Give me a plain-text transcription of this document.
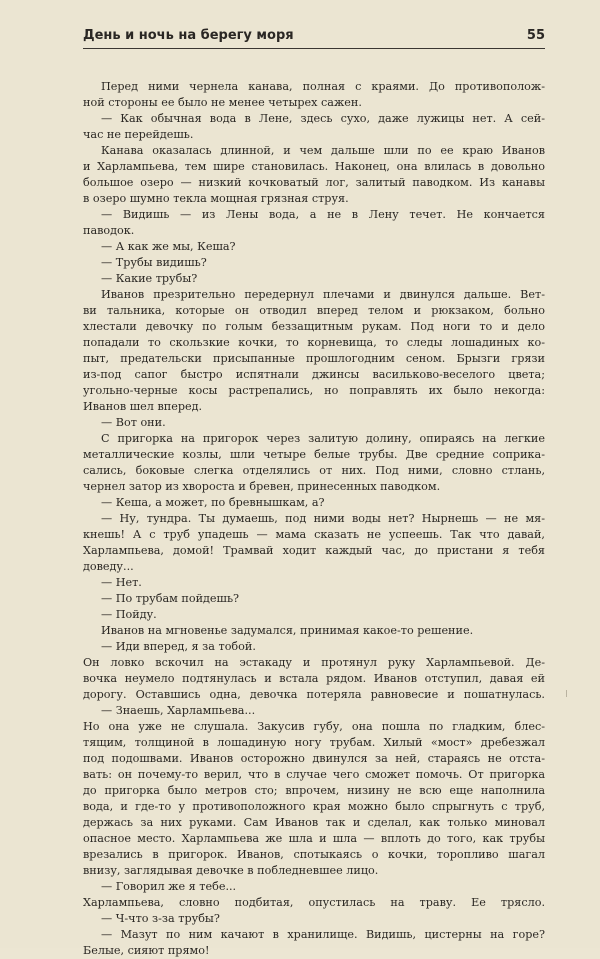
День и ночь на берегу моря	55
Перед ними чернела канава, полная с краями. До противополож-
ной стороны ее было не менее четырех сажен.
— Как обычная вода в Лене, здесь сухо, даже лужицы нет. А сей-
час не перейдешь.
Канава оказалась длинной, и чем дальше шли по ее краю Иванов
и Харлампьева, тем шире становилась. Наконец, она влилась в довольно
большое озеро — низкий кочковатый лог, залитый паводком. Из канавы
в озеро шумно текла мощная грязная струя.
— Видишь — из Лены вода, а не в Лену течет. Не кончается
паводок.
— А как же мы, Кеша?
— Трубы видишь?
— Какие трубы?
Иванов презрительно передернул плечами и двинулся дальше. Вет-
ви тальника, которые он отводил вперед телом и рюкзаком, больно
хлестали девочку по голым беззащитным рукам. Под ноги то и дело
попадали то скользкие кочки, то корневища, то следы лошадиных ко-
пыт, предательски присыпанные прошлогодним сеном. Брызги грязи
из-под сапог быстро испятнали джинсы васильково-веселого цвета;
угольно-черные косы растрепались, но поправлять их было некогда:
Иванов шел вперед.
— Вот они.
С пригорка на пригорок через залитую долину, опираясь на легкие
металлические козлы, шли четыре белые трубы. Две средние соприка-
сались, боковые слегка отделялись от них. Под ними, словно стлань,
чернел затор из хвороста и бревен, принесенных паводком.
— Кеша, а может, по бревнышкам, а?
— Ну, тундра. Ты думаешь, под ними воды нет? Нырнешь — не мя-
кнешь! А с труб упадешь — мама сказать не успеешь. Так что давай,
Харлампьева, домой! Трамвай ходит каждый час, до пристани я тебя
доведу...
— Нет.
— По трубам пойдешь?
— Пойду.
Иванов на мгновенье задумался, принимая какое-то решение.
— Иди вперед, я за тобой.
Он ловко вскочил на эстакаду и протянул руку Харлампьевой. Де-
вочка неумело подтянулась и встала рядом. Иванов отступил, давая ей
дорогу. Оставшись одна, девочка потеряла равновесие и пошатнулась.
— Знаешь, Харлампьева...
Но она уже не слушала. Закусив губу, она пошла по гладким, блес-
тящим, толщиной в лошадиную ногу трубам. Хилый «мост» дребезжал
под подошвами. Иванов осторожно двинулся за ней, стараясь не отста-
вать: он почему-то верил, что в случае чего сможет помочь. От пригорка
до пригорка было метров сто; впрочем, низину не всю еще наполнила
вода, и где-то у противоположного края можно было спрыгнуть с труб,
держась за них руками. Сам Иванов так и сделал, как только миновал
опасное место. Харлампьева же шла и шла — вплоть до того, как трубы
врезались в пригорок. Иванов, спотыкаясь о кочки, торопливо шагал
внизу, заглядывая девочке в побледневшее лицо.
— Говорил же я тебе...
Харлампьева, словно подбитая, опустилась на траву. Ее трясло.
— Ч-что з-за трубы?
— Мазут по ним качают в хранилище. Видишь, цистерны на горе?
Белые, сияют прямо!
